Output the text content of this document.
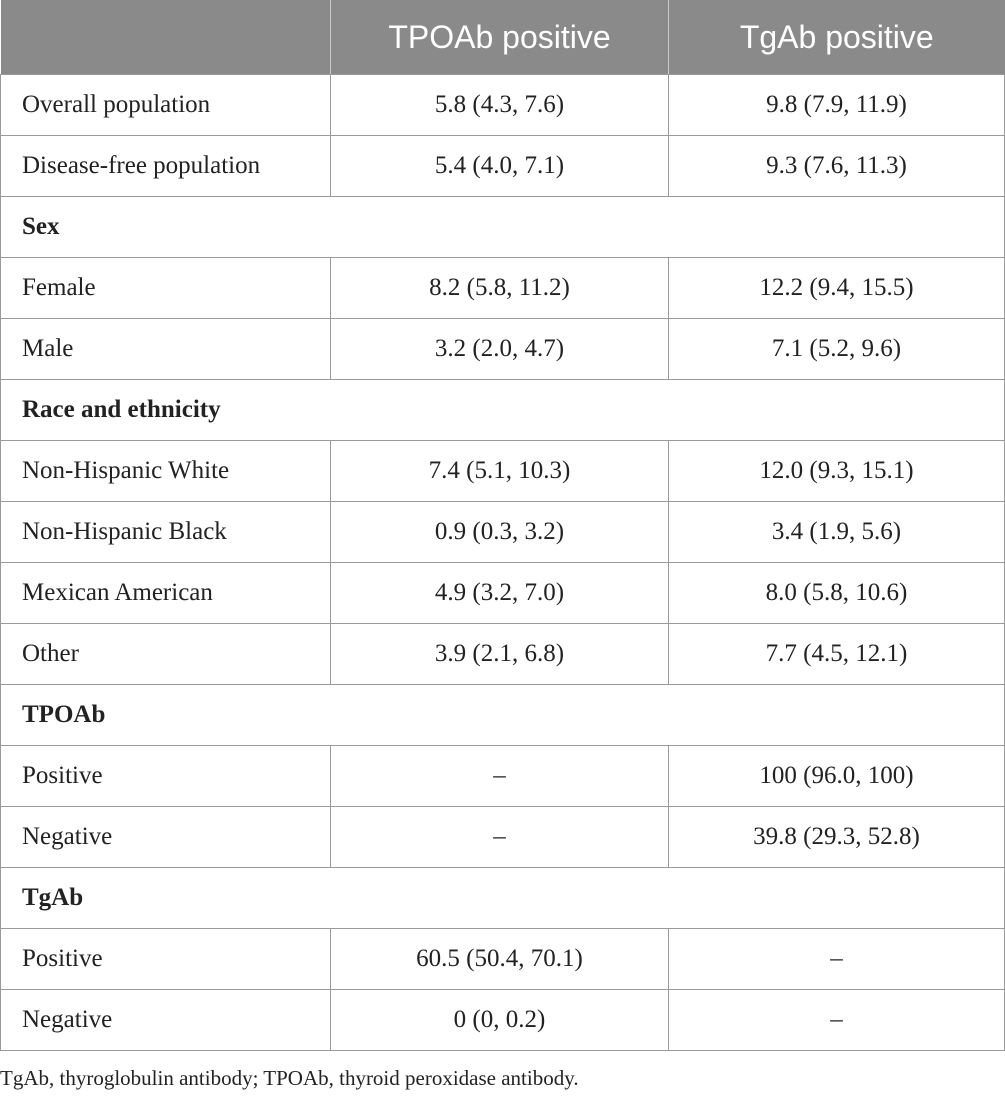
	TPOAb positive	TgAb positive
Overall population	5.8 (4.3, 7.6)	9.8 (7.9, 11.9)
Disease-free population	5.4 (4.0, 7.1)	9.3 (7.6, 11.3)
Sex		
Female	8.2 (5.8, 11.2)	12.2 (9.4, 15.5)
Male	3.2 (2.0, 4.7)	7.1 (5.2, 9.6)
Race and ethnicity		
Non-Hispanic White	7.4 (5.1, 10.3)	12.0 (9.3, 15.1)
Non-Hispanic Black	0.9 (0.3, 3.2)	3.4 (1.9, 5.6)
Mexican American	4.9 (3.2, 7.0)	8.0 (5.8, 10.6)
Other	3.9 (2.1, 6.8)	7.7 (4.5, 12.1)
TPOAb		
Positive	–	100 (96.0, 100)
Negative	–	39.8 (29.3, 52.8)
TgAb		
Positive	60.5 (50.4, 70.1)	–
Negative	0 (0, 0.2)	–
TgAb, thyroglobulin antibody; TPOAb, thyroid peroxidase antibody.
